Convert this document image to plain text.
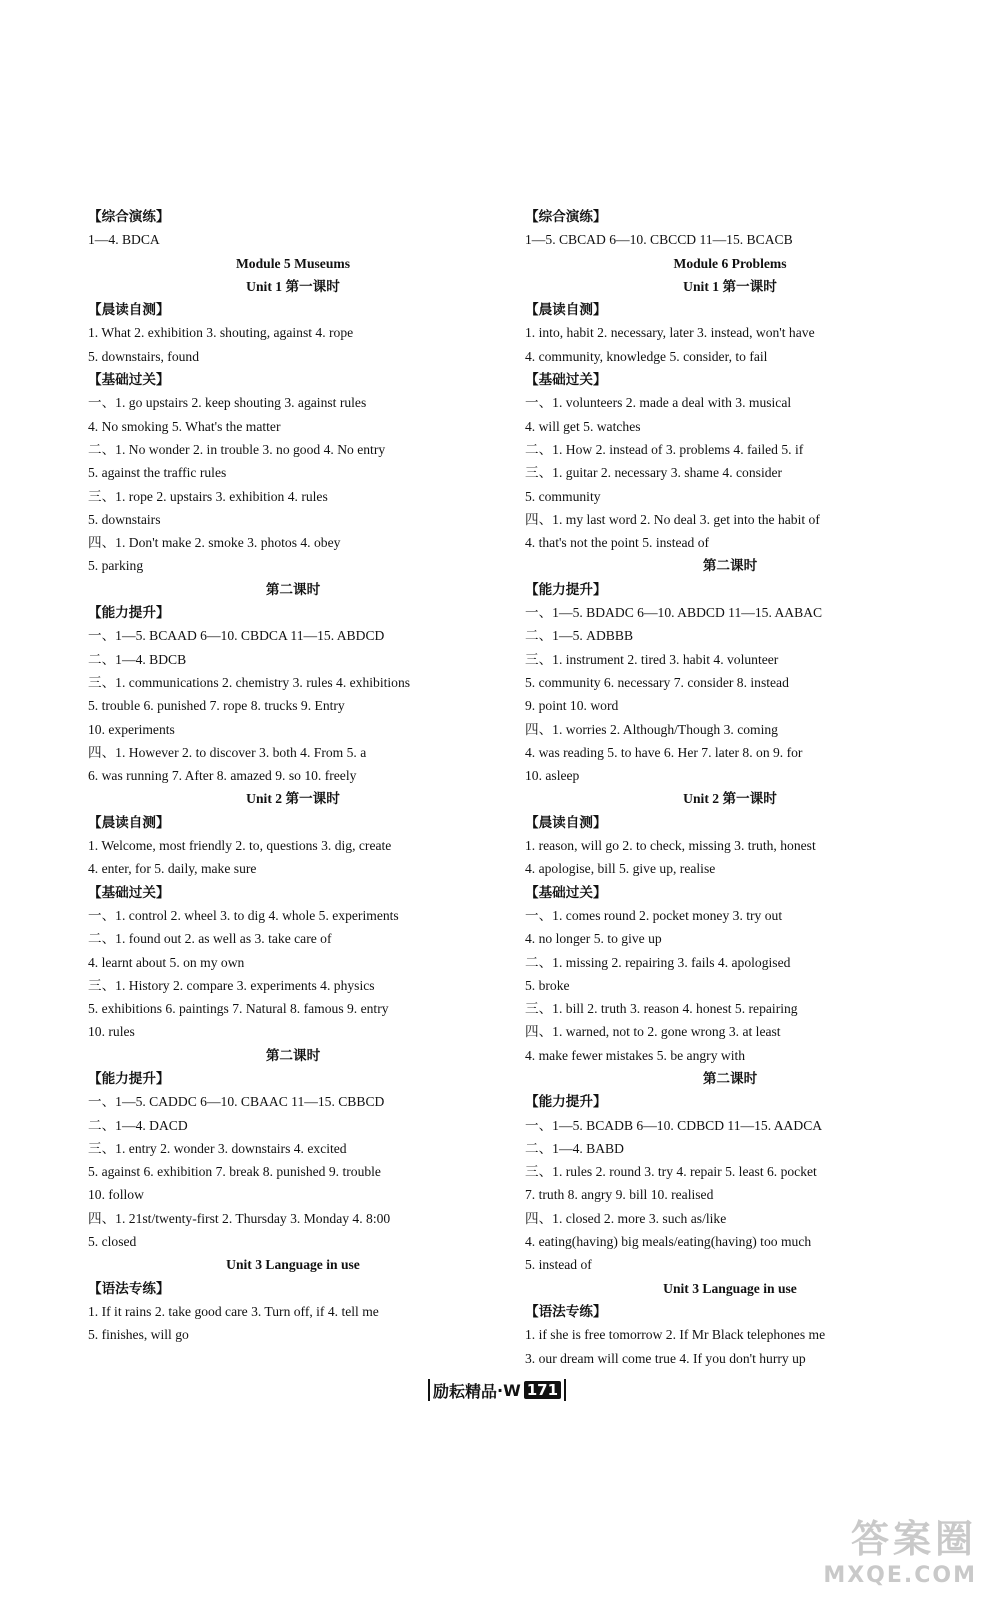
【综合演练】
1—4. BDCA
Module 5 Museums
Unit 1 第一课时
【晨读自测】
1. What 2. exhibition 3. shouting, against 4. rope
5. downstairs, found
【基础过关】
一、1. go upstairs 2. keep shouting 3. against rules
4. No smoking 5. What's the matter
二、1. No wonder 2. in trouble 3. no good 4. No entry
5. against the traffic rules
三、1. rope 2. upstairs 3. exhibition 4. rules
5. downstairs
四、1. Don't make 2. smoke 3. photos 4. obey
5. parking
第二课时
【能力提升】
一、1—5. BCAAD 6—10. CBDCA 11—15. ABDCD
二、1—4. BDCB
三、1. communications 2. chemistry 3. rules 4. exhibitions
5. trouble 6. punished 7. rope 8. trucks 9. Entry
10. experiments
四、1. However 2. to discover 3. both 4. From 5. a
6. was running 7. After 8. amazed 9. so 10. freely
Unit 2 第一课时
【晨读自测】
1. Welcome, most friendly 2. to, questions 3. dig, create
4. enter, for 5. daily, make sure
【基础过关】
一、1. control 2. wheel 3. to dig 4. whole 5. experiments
二、1. found out 2. as well as 3. take care of
4. learnt about 5. on my own
三、1. History 2. compare 3. experiments 4. physics
5. exhibitions 6. paintings 7. Natural 8. famous 9. entry
10. rules
第二课时
【能力提升】
一、1—5. CADDC 6—10. CBAAC 11—15. CBBCD
二、1—4. DACD
三、1. entry 2. wonder 3. downstairs 4. excited
5. against 6. exhibition 7. break 8. punished 9. trouble
10. follow
四、1. 21st/twenty-first 2. Thursday 3. Monday 4. 8:00
5. closed
Unit 3 Language in use
【语法专练】
1. If it rains 2. take good care 3. Turn off, if 4. tell me
5. finishes, will go
【综合演练】
1—5. CBCAD 6—10. CBCCD 11—15. BCACB
Module 6 Problems
Unit 1 第一课时
【晨读自测】
1. into, habit 2. necessary, later 3. instead, won't have
4. community, knowledge 5. consider, to fail
【基础过关】
一、1. volunteers 2. made a deal with 3. musical
4. will get 5. watches
二、1. How 2. instead of 3. problems 4. failed 5. if
三、1. guitar 2. necessary 3. shame 4. consider
5. community
四、1. my last word 2. No deal 3. get into the habit of
4. that's not the point 5. instead of
第二课时
【能力提升】
一、1—5. BDADC 6—10. ABDCD 11—15. AABAC
二、1—5. ADBBB
三、1. instrument 2. tired 3. habit 4. volunteer
5. community 6. necessary 7. consider 8. instead
9. point 10. word
四、1. worries 2. Although/Though 3. coming
4. was reading 5. to have 6. Her 7. later 8. on 9. for
10. asleep
Unit 2 第一课时
【晨读自测】
1. reason, will go 2. to check, missing 3. truth, honest
4. apologise, bill 5. give up, realise
【基础过关】
一、1. comes round 2. pocket money 3. try out
4. no longer 5. to give up
二、1. missing 2. repairing 3. fails 4. apologised
5. broke
三、1. bill 2. truth 3. reason 4. honest 5. repairing
四、1. warned, not to 2. gone wrong 3. at least
4. make fewer mistakes 5. be angry with
第二课时
【能力提升】
一、1—5. BCADB 6—10. CDBCD 11—15. AADCA
二、1—4. BABD
三、1. rules 2. round 3. try 4. repair 5. least 6. pocket
7. truth 8. angry 9. bill 10. realised
四、1. closed 2. more 3. such as/like
4. eating(having) big meals/eating(having) too much
5. instead of
Unit 3 Language in use
【语法专练】
1. if she is free tomorrow 2. If Mr Black telephones me
3. our dream will come true 4. If you don't hurry up
励耘精品 ·W 171
答案圈
MXQE.COM
